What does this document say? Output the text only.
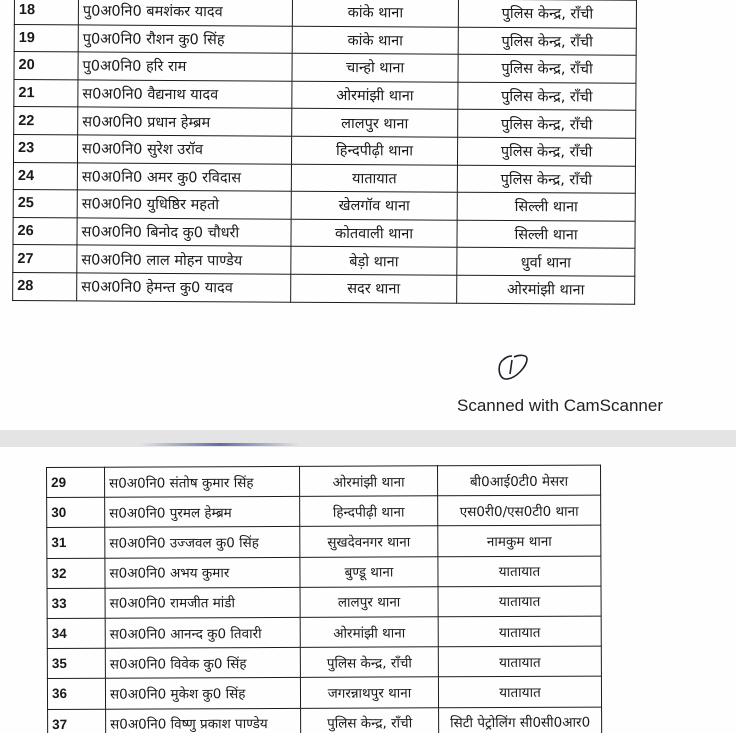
18	पु0अ0नि0 बमशंकर यादव	कांके थाना	पुलिस केन्द्र, रॉंची
19	पु0अ0नि0 रौशन कु0 सिंह	कांके थाना	पुलिस केन्द्र, रॉंची
20	पु0अ0नि0 हरि राम	चान्हो थाना	पुलिस केन्द्र, रॉंची
21	स0अ0नि0 वैद्यनाथ यादव	ओरमांझी थाना	पुलिस केन्द्र, रॉंची
22	स0अ0नि0 प्रधान हेम्ब्रम	लालपुर थाना	पुलिस केन्द्र, रॉंची
23	स0अ0नि0 सुरेश उरॉव	हिन्दपीढ़ी थाना	पुलिस केन्द्र, रॉंची
24	स0अ0नि0 अमर कु0 रविदास	यातायात	पुलिस केन्द्र, रॉंची
25	स0अ0नि0 युधिष्ठिर महतो	खेलगॉव थाना	सिल्ली थाना
26	स0अ0नि0 बिनोद कु0 चौधरी	कोतवाली थाना	सिल्ली थाना
27	स0अ0नि0 लाल मोहन पाण्डेय	बेड़ो थाना	धुर्वा थाना
28	स0अ0नि0 हेमन्त कु0 यादव	सदर थाना	ओरमांझी थाना
Scanned with CamScanner
29	स0अ0नि0 संतोष कुमार सिंह	ओरमांझी थाना	बी0आई0टी0 मेसरा
30	स0अ0नि0 पुरमल हेम्ब्रम	हिन्दपीढ़ी थाना	एस0री0/एस0टी0 थाना
31	स0अ0नि0 उज्जवल कु0 सिंह	सुखदेवनगर थाना	नामकुम थाना
32	स0अ0नि0 अभय कुमार	बुण्डू थाना	यातायात
33	स0अ0नि0 रामजीत मांडी	लालपुर थाना	यातायात
34	स0अ0नि0 आनन्द कु0 तिवारी	ओरमांझी थाना	यातायात
35	स0अ0नि0 विवेक कु0 सिंह	पुलिस केन्द्र, रॉंची	यातायात
36	स0अ0नि0 मुकेश कु0 सिंह	जगरन्नाथपुर थाना	यातायात
37	स0अ0नि0 विष्णु प्रकाश पाण्डेय	पुलिस केन्द्र, रॉंची	सिटी पेट्रोलिंग सी0सी0आर0
